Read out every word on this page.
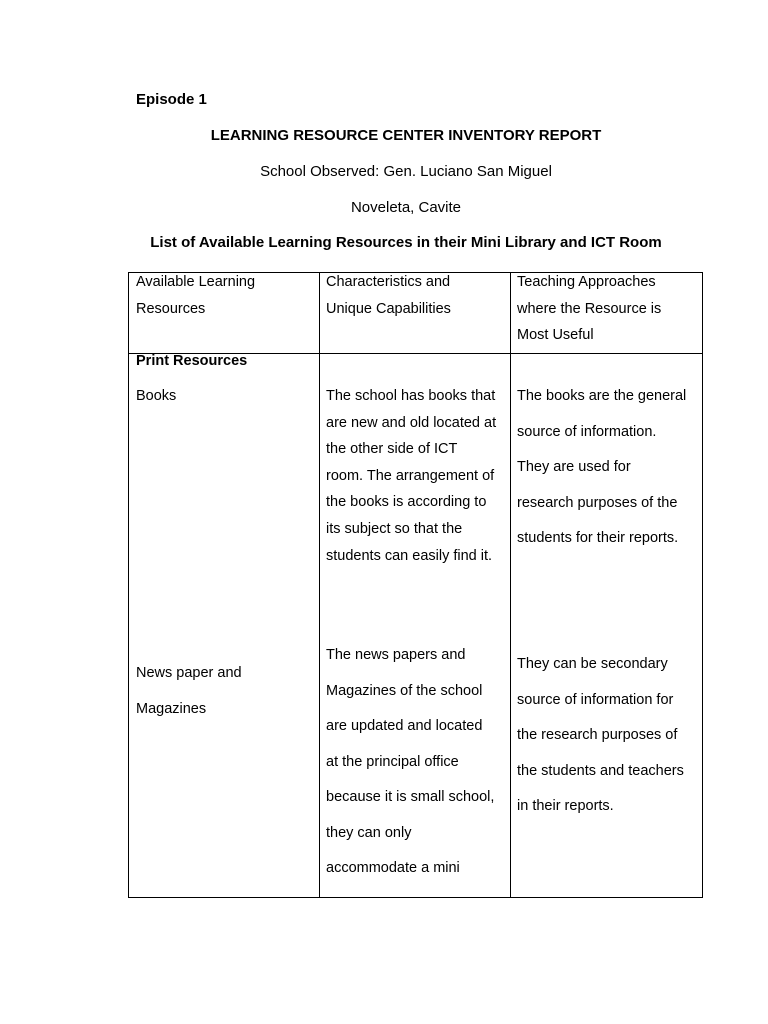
Episode 1
LEARNING RESOURCE CENTER INVENTORY REPORT
School Observed: Gen. Luciano San Miguel
Noveleta, Cavite
List of Available Learning Resources in their Mini Library and ICT Room
Available Learning
Resources
Characteristics and
Unique Capabilities
Teaching Approaches
where the Resource is
Most Useful
Print Resources
Books	The school has books that
are new and old located at
the other side of ICT
room. The arrangement of
the books is according to
its subject so that the
students can easily find it.
The books are the general
source of information.
They are used for
research purposes of the
students for their reports.
News paper and
Magazines
The news papers and
Magazines of the school
are updated and located
at the principal office
because it is small school,
they can only
accommodate a mini
They can be secondary
source of information for
the research purposes of
the students and teachers
in their reports.
